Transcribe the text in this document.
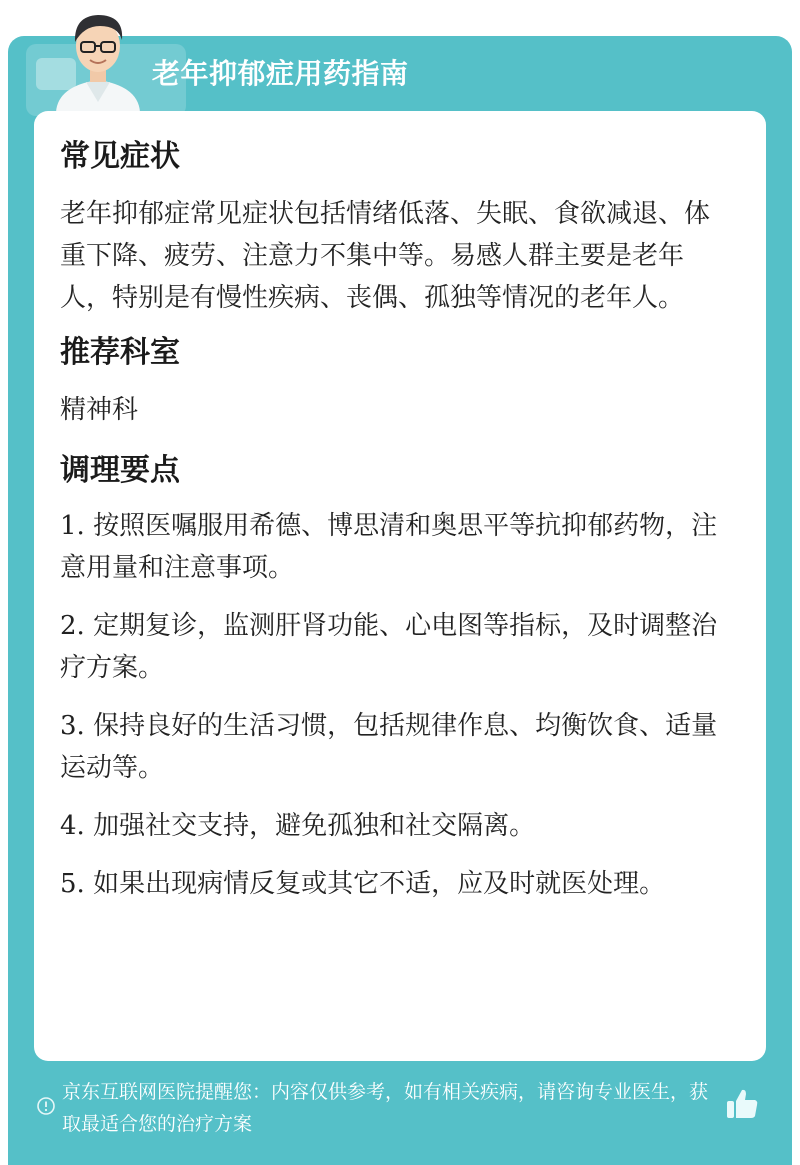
老年抑郁症用药指南
常见症状

老年抑郁症常见症状包括情绪低落、失眠、食欲减退、体重下降、疲劳、注意力不集中等。易感人群主要是老年人，特别是有慢性疾病、丧偶、孤独等情况的老年人。

推荐科室

精神科

调理要点

1. 按照医嘱服用希德、博思清和奥思平等抗抑郁药物，注意用量和注意事项。

2. 定期复诊，监测肝肾功能、心电图等指标，及时调整治疗方案。

3. 保持良好的生活习惯，包括规律作息、均衡饮食、适量运动等。

4. 加强社交支持，避免孤独和社交隔离。

5. 如果出现病情反复或其它不适，应及时就医处理。

京东互联网医院提醒您：内容仅供参考，如有相关疾病，请咨询专业医生，获取最适合您的治疗方案
